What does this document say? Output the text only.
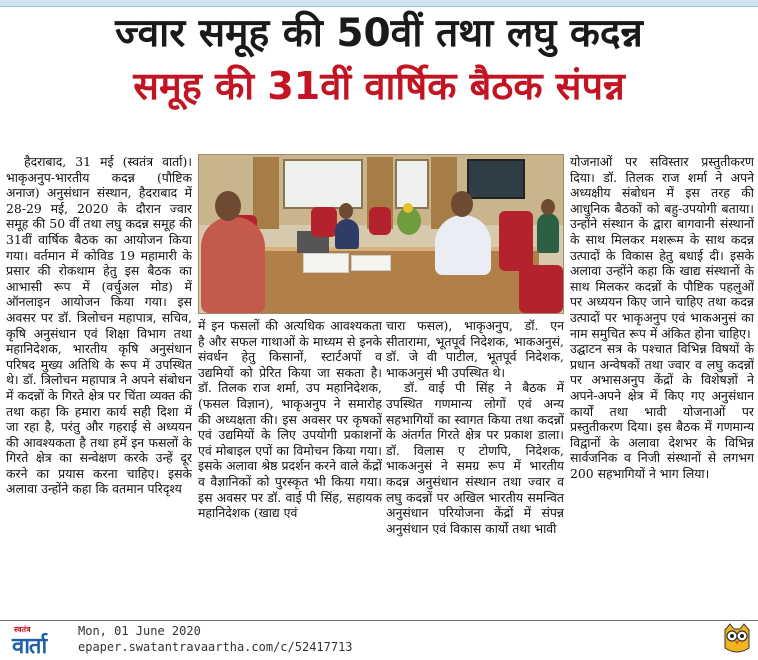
ज्वार समूह की 50वीं तथा लघु कदन्न
समूह की 31वीं वार्षिक बैठक संपन्न
हैदराबाद, 31 मई (स्वतंत्र वार्ता)। भाकृअनुप-भारतीय कदन्न (पौष्टिक अनाज) अनुसंधान संस्थान, हैदराबाद में 28-29 मई, 2020 के दौरान ज्वार समूह की 50 वीं तथा लघु कदन्न समूह की 31वीं वार्षिक बैठक का आयोजन किया गया। वर्तमान में कोविड 19 महामारी के प्रसार की रोकथाम हेतु इस बैठक का आभासी रूप में (वर्चुअल मोड) में ऑनलाइन आयोजन किया गया। इस अवसर पर डॉ. त्रिलोचन महापात्र, सचिव, कृषि अनुसंधान एवं शिक्षा विभाग तथा महानिदेशक, भारतीय कृषि अनुसंधान परिषद मुख्य अतिथि के रूप में उपस्थित थे। डॉ. त्रिलोचन महापात्र ने अपने संबोधन में कदन्नों के गिरते क्षेत्र पर चिंता व्यक्त की तथा कहा कि हमारा कार्य सही दिशा में जा रहा है, परंतु और गहराई से अध्ययन की आवश्यकता है तथा हमें इन फसलों के गिरते क्षेत्र का सन्वेक्षण करके उन्हें दूर करने का प्रयास करना चाहिए। इसके अलावा उन्होंने कहा कि वतमान परिदृश्य
में इन फसलों की अत्यधिक आवश्यकता है और सफल गाथाओं के माध्यम से इनके संवर्धन हेतु किसानों, स्टार्टअपों व उद्यमियों को प्रेरित किया जा सकता है। डॉ. तिलक राज शर्मा, उप महानिदेशक, (फसल विज्ञान), भाकृअनुप ने समारोह की अध्यक्षता की। इस अवसर पर कृषकों एवं उद्यमियों के लिए उपयोगी प्रकाशनों एवं मोबाइल एपों का विमोचन किया गया। इसके अलावा श्रेष्ठ प्रदर्शन करने वाले केंद्रों व वैज्ञानिकों को पुरस्कृत भी किया गया। इस अवसर पर डॉ. वाई पी सिंह, सहायक महानिदेशक (खाद्य एवं
चारा फसल), भाकृअनुप, डॉ. एन सीतारामा, भूतपूर्व निदेशक, भाकअनुसं, डॉ. जे वी पाटील, भूतपूर्व निदेशक, भाकअनुसं भी उपस्थित थे।
डॉ. वाई पी सिंह ने बैठक में उपस्थित गणमान्य लोगों एवं अन्य सहभागियों का स्वागत किया तथा कदन्नों के अंतर्गत गिरते क्षेत्र पर प्रकाश डाला। डॉ. विलास ए टोणपि, निदेशक, भाकअनुसं ने समग्र रूप में भारतीय कदन्न अनुसंधान संस्थान तथा ज्वार व लघु कदन्नों पर अखिल भारतीय समन्वित अनुसंधान परियोजना केंद्रों में संपन्न अनुसंधान एवं विकास कार्यो तथा भावी
योजनाओं पर सविस्तार प्रस्तुतीकरण दिया। डॉ. तिलक राज शर्मा ने अपने अध्यक्षीय संबोधन में इस तरह की आधुनिक बैठकों को बहु-उपयोगी बताया। उन्होंने संस्थान के द्वारा बागवानी संस्थानों के साथ मिलकर मशरूम के साथ कदन्न उत्पादों के विकास हेतु बधाई दी। इसके अलावा उन्होंने कहा कि खाद्य संस्थानों के साथ मिलकर कदन्नों के पौष्टिक पहलुओं पर अध्ययन किए जाने चाहिए तथा कदन्न उत्पादों पर भाकृअनुप एवं भाकअनुसं का नाम समुचित रूप में अंकित होना चाहिए।
उद्घाटन सत्र के पश्चात विभिन्न विषयों के प्रधान अन्वेषकों तथा ज्वार व लघु कदन्नों पर अभासअनुप केंद्रों के विशेषज्ञों ने अपने-अपने क्षेत्र में किए गए अनुसंधान कार्यों तथा भावी योजनाओं पर प्रस्तुतीकरण दिया। इस बैठक में गणमान्य विद्वानों के अलावा देशभर के विभिन्न सार्वजनिक व निजी संस्थानों से लगभग 200 सहभागियों ने भाग लिया।
स्वतंत्र
वार्ता
Mon, 01 June 2020
epaper.swatantravaartha.com/c/52417713
